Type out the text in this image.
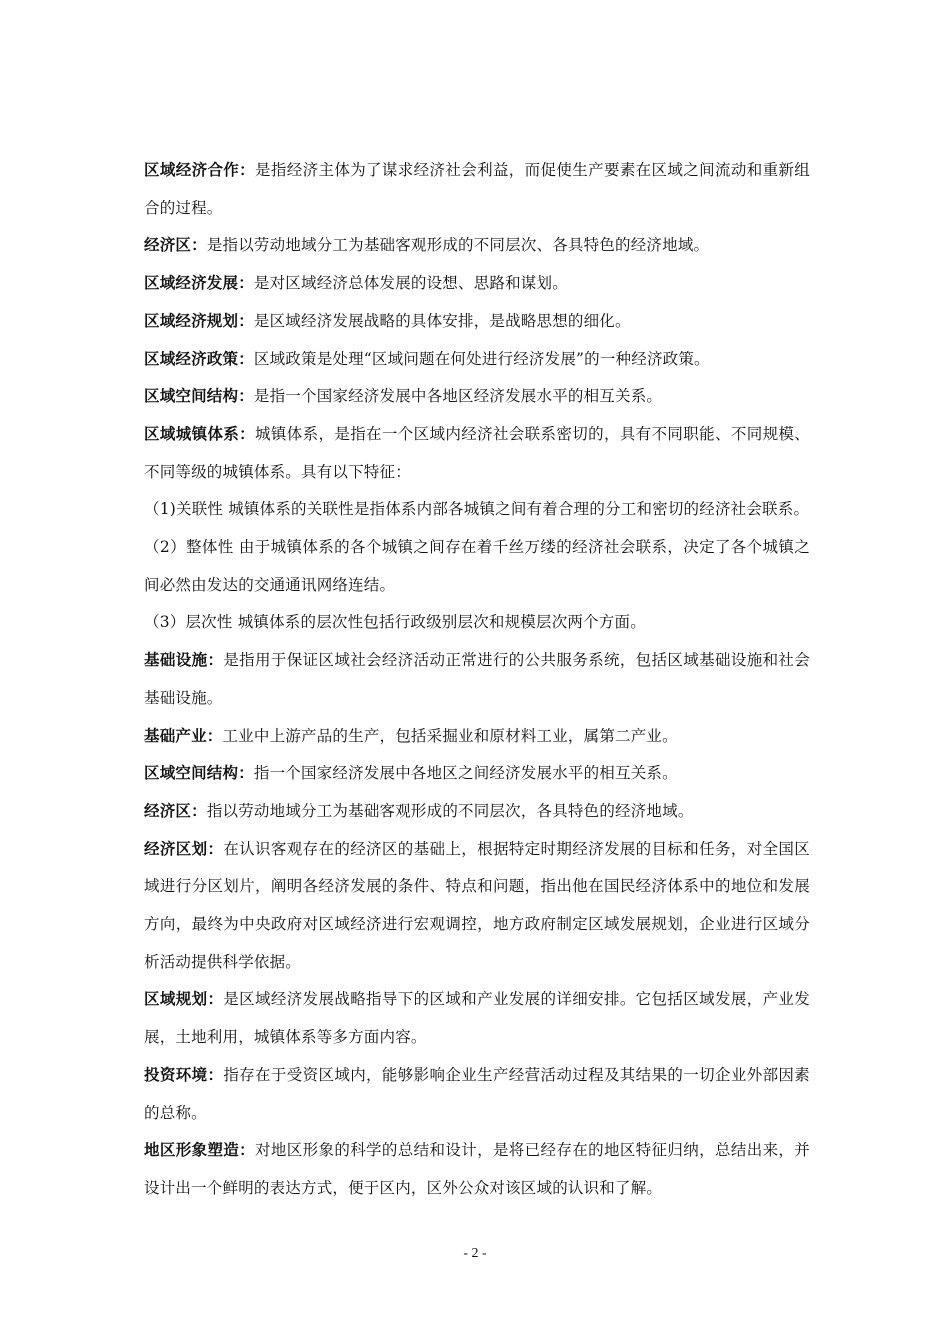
区域经济合作：是指经济主体为了谋求经济社会利益，而促使生产要素在区域之间流动和重新组合的过程。

经济区：是指以劳动地域分工为基础客观形成的不同层次、各具特色的经济地域。

区域经济发展：是对区域经济总体发展的设想、思路和谋划。

区域经济规划：是区域经济发展战略的具体安排，是战略思想的细化。

区域经济政策：区域政策是处理“区域问题在何处进行经济发展”的一种经济政策。

区域空间结构：是指一个国家经济发展中各地区经济发展水平的相互关系。

区域城镇体系：城镇体系，是指在一个区域内经济社会联系密切的，具有不同职能、不同规模、不同等级的城镇体系。具有以下特征：

（1)关联性 城镇体系的关联性是指体系内部各城镇之间有着合理的分工和密切的经济社会联系。

（2）整体性 由于城镇体系的各个城镇之间存在着千丝万缕的经济社会联系，决定了各个城镇之间必然由发达的交通通讯网络连结。

（3）层次性 城镇体系的层次性包括行政级别层次和规模层次两个方面。

基础设施：是指用于保证区域社会经济活动正常进行的公共服务系统，包括区域基础设施和社会基础设施。

基础产业：工业中上游产品的生产，包括采掘业和原材料工业，属第二产业。

区域空间结构：指一个国家经济发展中各地区之间经济发展水平的相互关系。

经济区：指以劳动地域分工为基础客观形成的不同层次，各具特色的经济地域。

经济区划：在认识客观存在的经济区的基础上，根据特定时期经济发展的目标和任务，对全国区域进行分区划片，阐明各经济发展的条件、特点和问题，指出他在国民经济体系中的地位和发展方向，最终为中央政府对区域经济进行宏观调控，地方政府制定区域发展规划，企业进行区域分析活动提供科学依据。

区域规划：是区域经济发展战略指导下的区域和产业发展的详细安排。它包括区域发展，产业发展，土地利用，城镇体系等多方面内容。

投资环境：指存在于受资区域内，能够影响企业生产经营活动过程及其结果的一切企业外部因素的总称。

地区形象塑造：对地区形象的科学的总结和设计，是将已经存在的地区特征归纳，总结出来，并设计出一个鲜明的表达方式，便于区内，区外公众对该区域的认识和了解。

- 2 -
